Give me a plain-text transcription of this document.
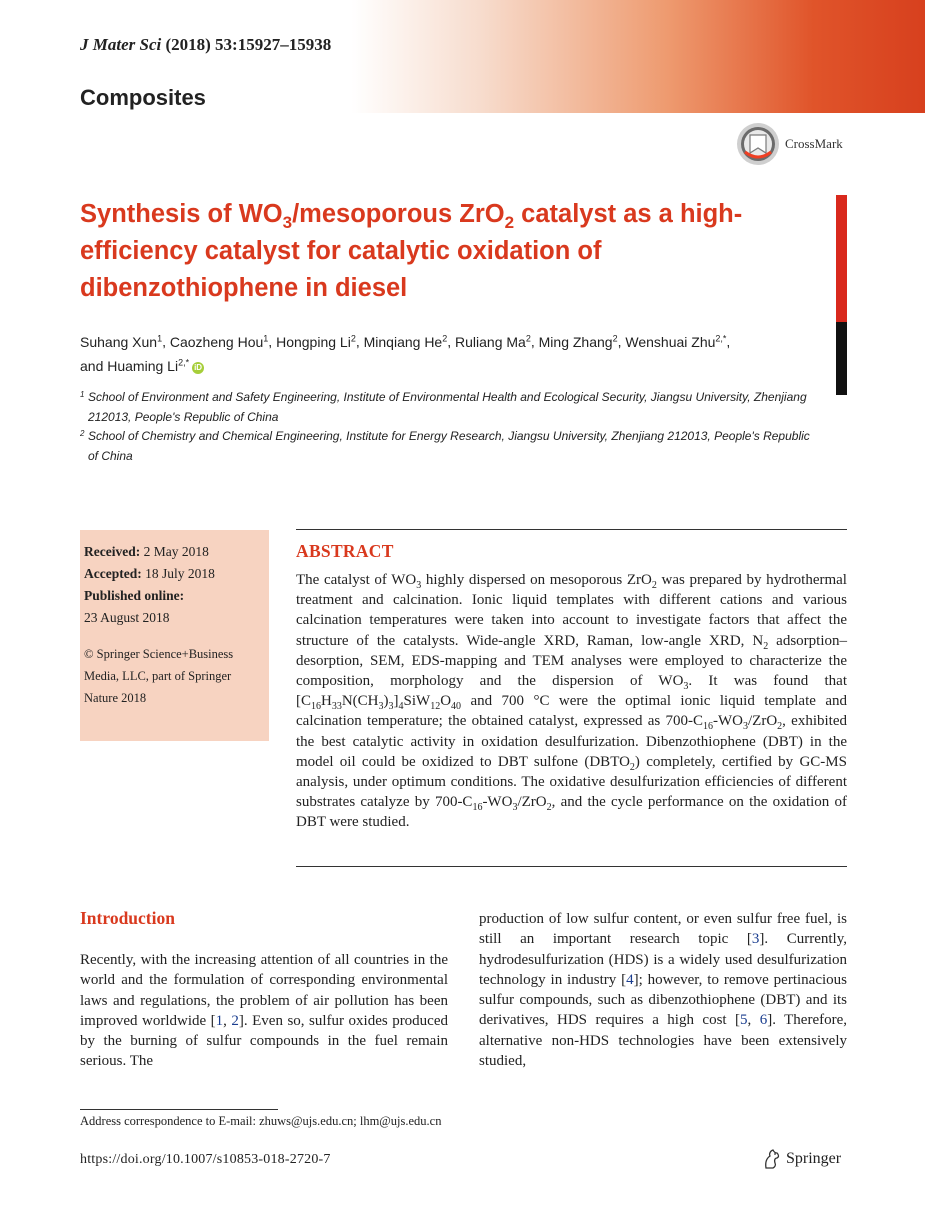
J Mater Sci (2018) 53:15927–15938
Composites
CrossMark
Synthesis of $WO_3$/mesoporous ZrO$_2$ catalyst as a high-efficiency catalyst for catalytic oxidation of dibenzothiophene in diesel
Suhang Xun$^1$, Caozheng Hou$^1$, Hongping Li$^2$, Minqiang He$^2$, Ruliang Ma$^2$, Ming Zhang$^2$, Wenshuai Zhu$^{2,*}$,
and Huaming $Li^{2,*}$ iD
1 School of Environment and Safety Engineering, Institute of Environmental Health and Ecological Security, Jiangsu University, Zhenjiang 212013, People's Republic of China
2 School of Chemistry and Chemical Engineering, Institute for Energy Research, Jiangsu University, Zhenjiang 212013, People's Republic of China
Received: 2 May 2018
Accepted: 18 July 2018
Published online:
23 August 2018
© Springer Science+Business Media, LLC, part of Springer Nature 2018
ABSTRACT
The catalyst of $WO_3$ highly dispersed on mesoporous ZrO$_2$ was prepared by hydrothermal treatment and calcination. Ionic liquid templates with different cations and various calcination temperatures were taken into account to investigate factors that affect the structure of the catalysts. Wide-angle XRD, Raman, low-angle XRD, $N_2$ adsorption–desorption, SEM, EDS-mapping and TEM analyses were employed to characterize the composition, morphology and the dispersion of $WO_3$. It was found that $[C_{16}H_{33}N(CH_3)_3]_4SiW_{12}O_{40}$ and 700 °C were the optimal ionic liquid template and calcination temperature; the obtained catalyst, expressed as $700-C_{16}-WO_3/ZrO_2$, exhibited the best catalytic activity in oxidation desulfurization. Dibenzothiophene (DBT) in the model oil could be oxidized to DBT sulfone $(DBTO_2)$ completely, certified by GC-MS analysis, under optimum conditions. The oxidative desulfurization efficiencies of different substrates catalyze by $700-C_{16}-WO_3/ZrO_2$, and the cycle performance on the oxidation of DBT were studied.
Introduction
Recently, with the increasing attention of all countries in the world and the formulation of corresponding environmental laws and regulations, the problem of air pollution has been improved worldwide [1, 2]. Even so, sulfur oxides produced by the burning of sulfur compounds in the fuel remain serious. The
production of low sulfur content, or even sulfur free fuel, is still an important research topic [3]. Currently, hydrodesulfurization (HDS) is a widely used desulfurization technology in industry [4]; however, to remove pertinacious sulfur compounds, such as dibenzothiophene (DBT) and its derivatives, HDS requires a high cost [5, 6]. Therefore, alternative non-HDS technologies have been extensively studied,
Address correspondence to E-mail: zhuws@ujs.edu.cn; lhm@ujs.edu.cn
https://doi.org/10.1007/s10853-018-2720-7	Springer
